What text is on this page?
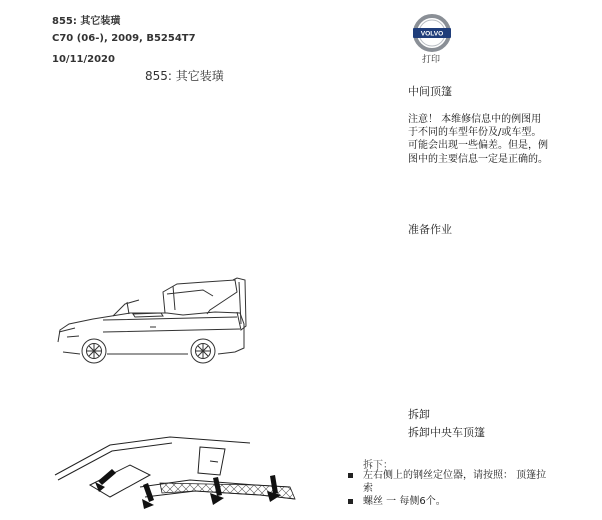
855: 其它装璜
C70 (06-), 2009, B5254T7
10/11/2020
855: 其它装璜
VOLVO
打印
中间顶篷
注意！ 本维修信息中的例图用于不同的车型年份及/或车型。可能会出现一些偏差。但是，例图中的主要信息一定是正确的。
准备作业
拆卸
拆卸中央车顶篷
拆下：
左右侧上的钢丝定位器，请按照： 顶篷拉索
螺丝 一 每侧6个。
